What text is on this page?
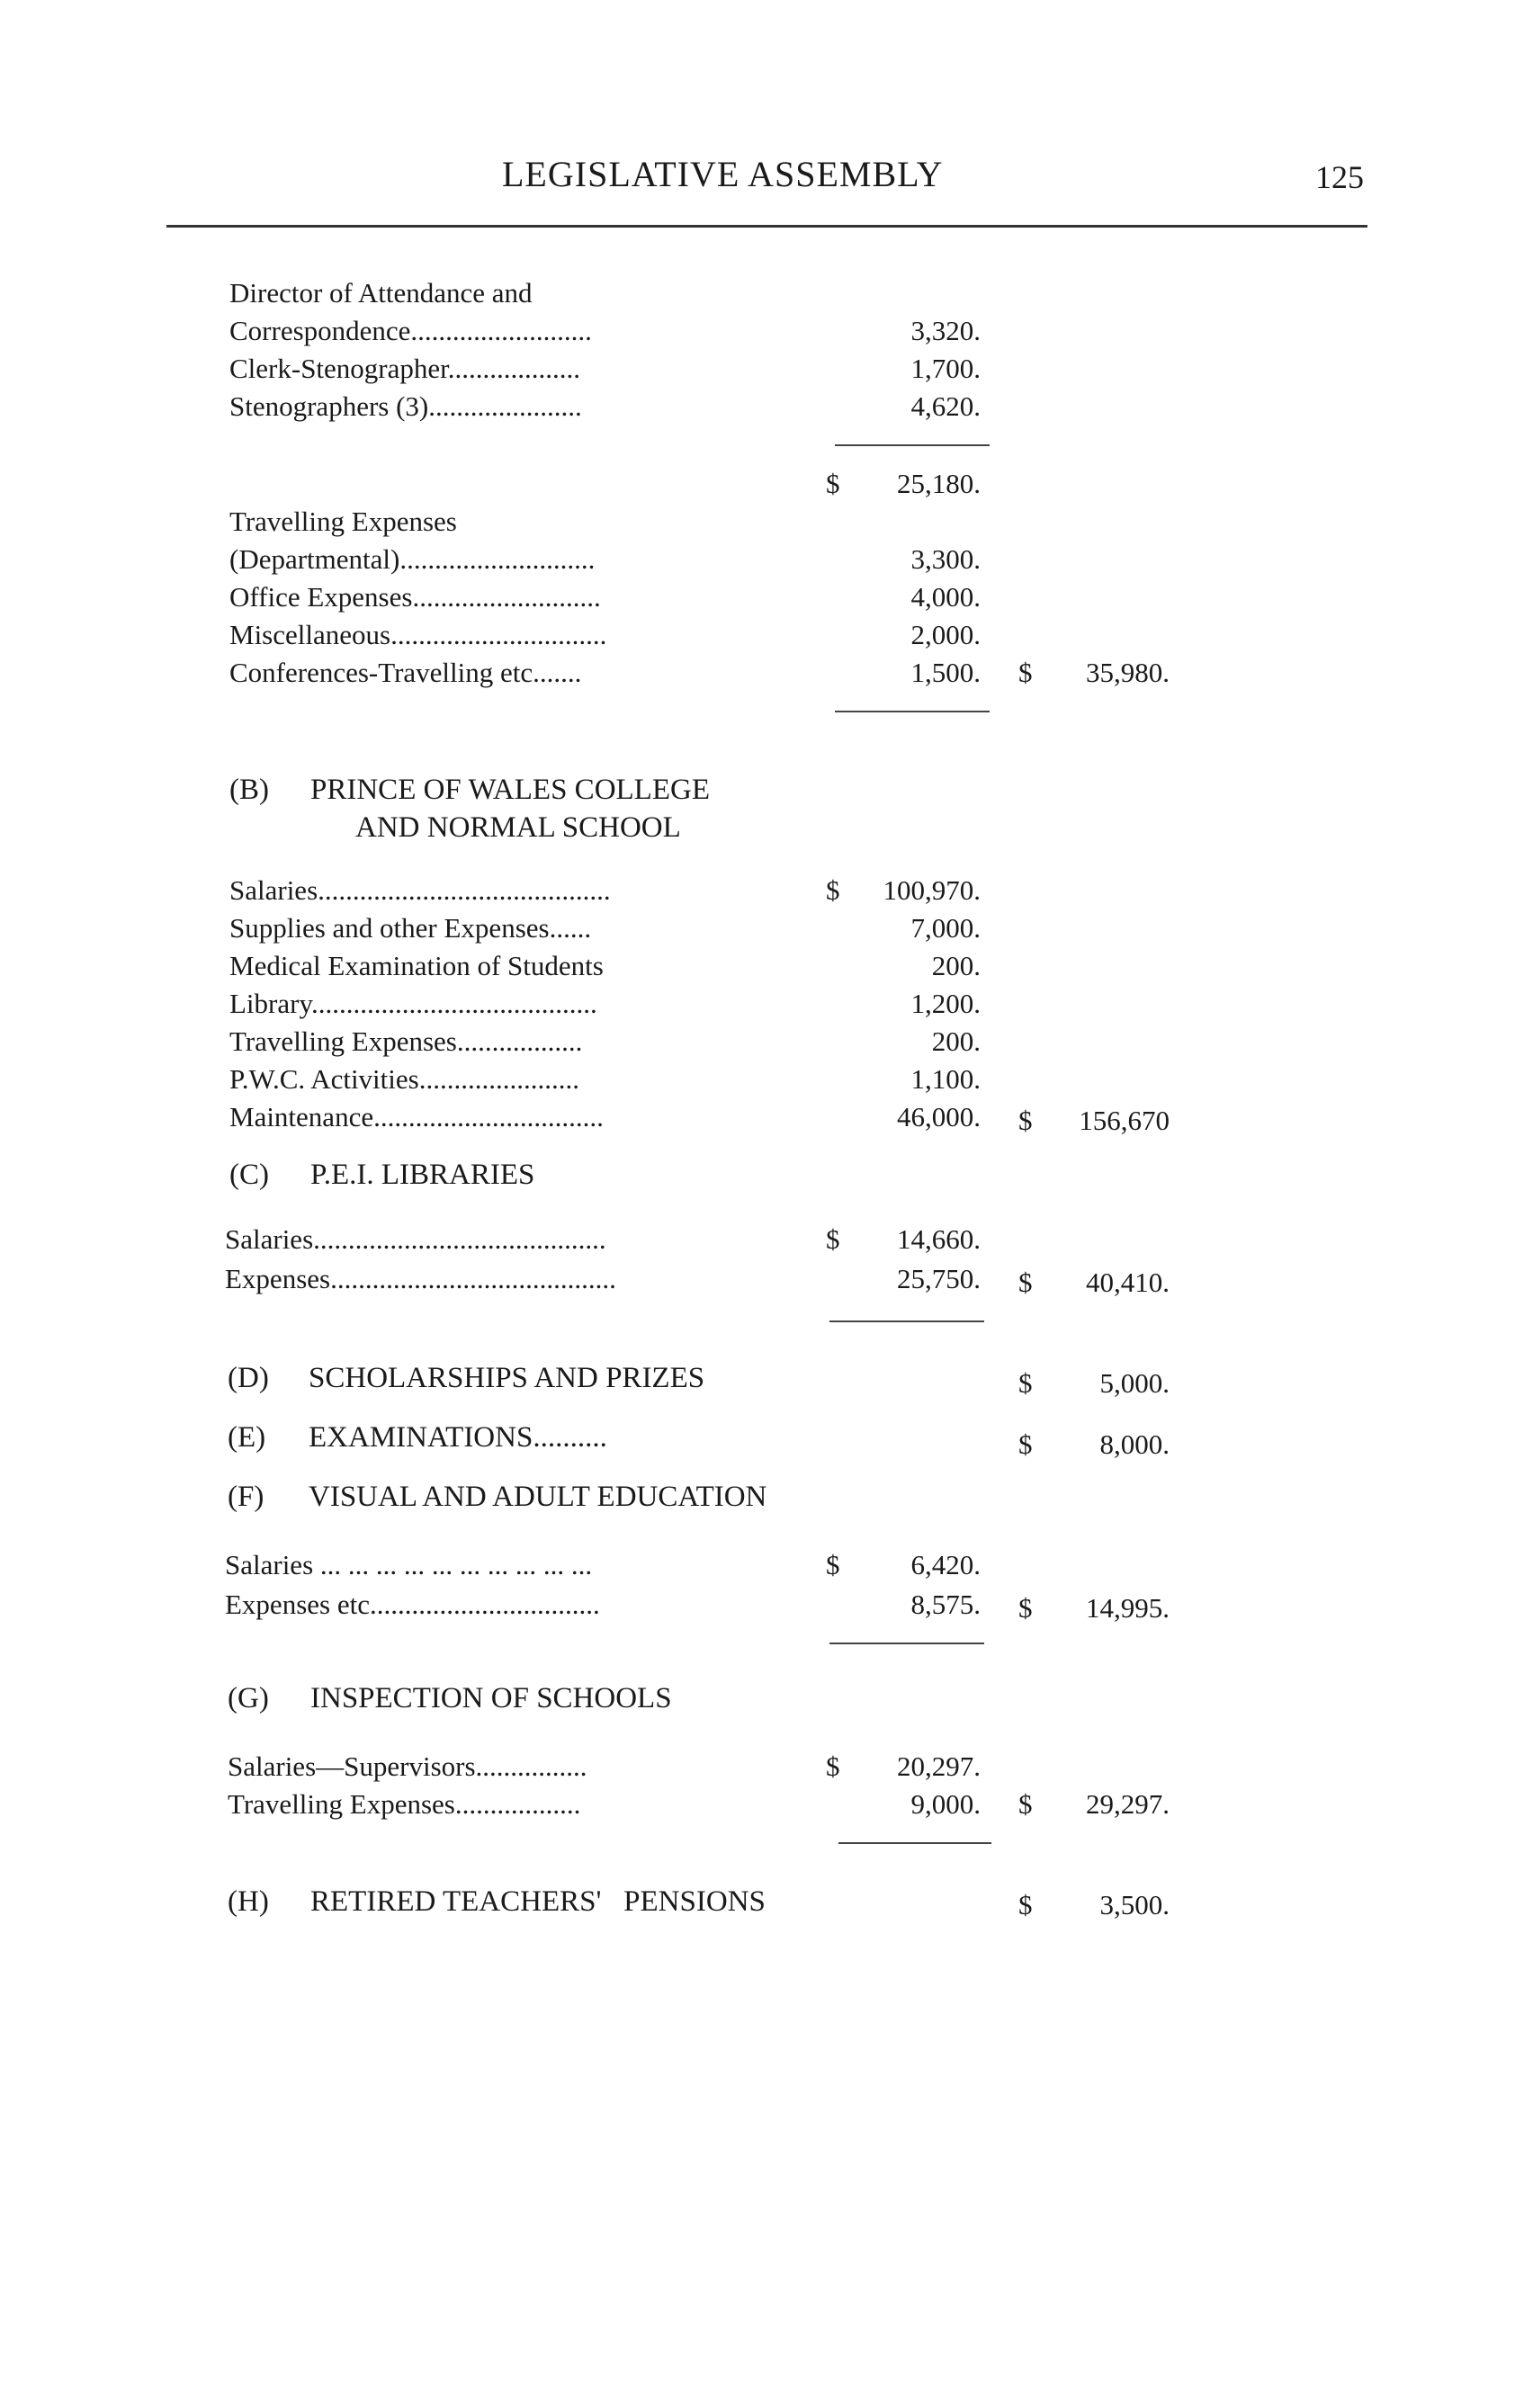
LEGISLATIVE ASSEMBLY	125
Director of Attendance and
Correspondence..........................	3,320.
Clerk-Stenographer...................	1,700.
Stenographers (3)......................	4,620.
$	25,180.
Travelling Expenses
(Departmental)............................	3,300.
Office Expenses...........................	4,000.
Miscellaneous...............................	2,000.
Conferences-Travelling etc.......	1,500. $	35,980.
(B) PRINCE OF WALES COLLEGE
AND NORMAL SCHOOL
Salaries..........................................	$	100,970.
Supplies and other Expenses......	7,000.
Medical Examination of Students	200.
Library.........................................	1,200.
Travelling Expenses..................	200.
P.W.C. Activities.......................	1,100.
Maintenance.................................	46,000. $	156,670
(C) P.E.I. LIBRARIES
Salaries..........................................	$	14,660.
Expenses.........................................	25,750. $	40,410.
(D) SCHOLARSHIPS AND PRIZES	$	5,000.
(E) EXAMINATIONS..........	$	8,000.
(F) VISUAL AND ADULT EDUCATION
Salaries ... ... ... ... ... ... ... ... ... ...	$	6,420.
Expenses etc.................................	8,575. $	14,995.
(G) INSPECTION OF SCHOOLS
Salaries—Supervisors................	$	20,297.
Travelling Expenses..................	9,000. $	29,297.
(H) RETIRED TEACHERS'   PENSIONS	$	3,500.
